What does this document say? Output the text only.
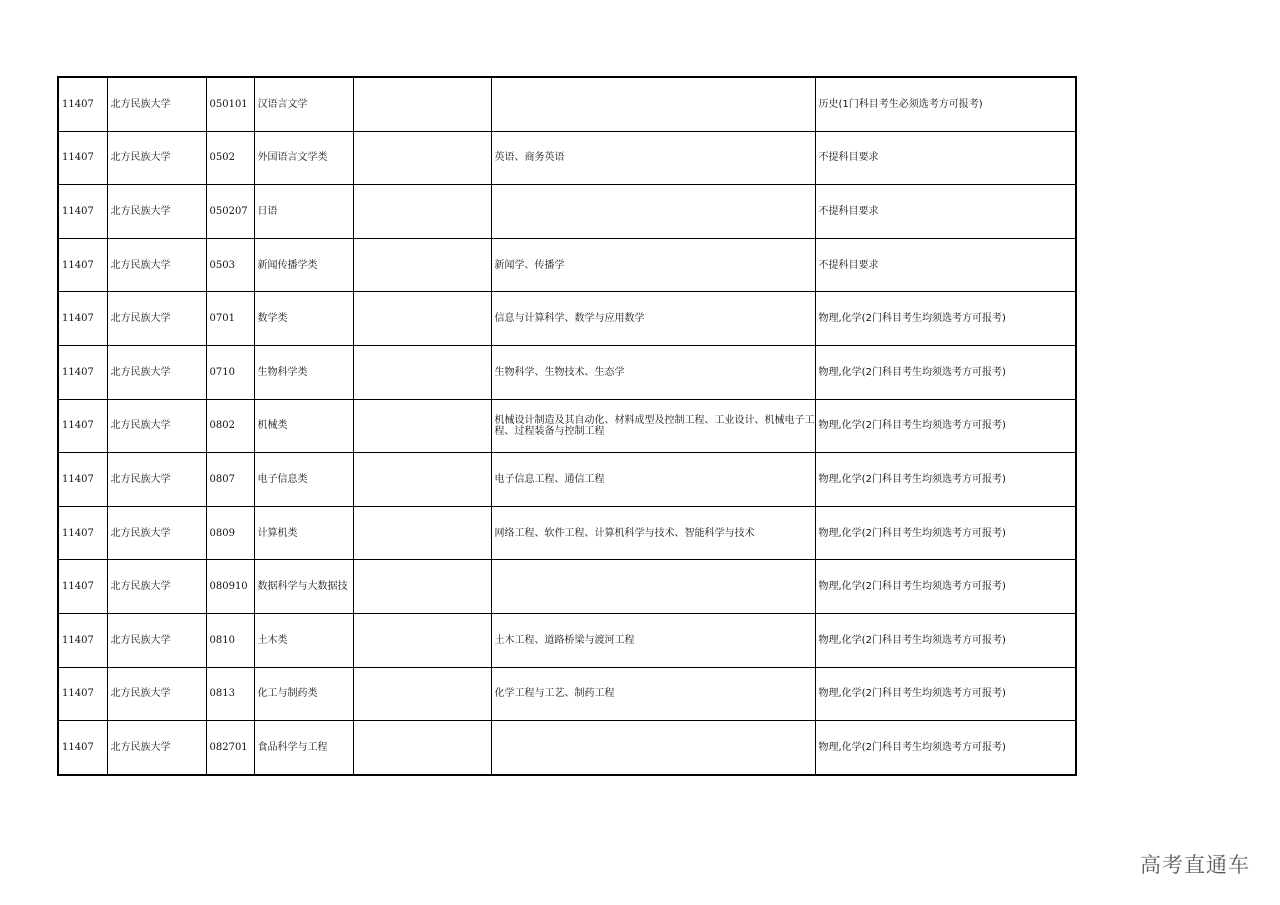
11407	北方民族大学	050101	汉语言文学			历史(1门科目考生必须选考方可报考)
11407	北方民族大学	0502	外国语言文学类		英语、商务英语	不提科目要求
11407	北方民族大学	050207	日语			不提科目要求
11407	北方民族大学	0503	新闻传播学类		新闻学、传播学	不提科目要求
11407	北方民族大学	0701	数学类		信息与计算科学、数学与应用数学	物理,化学(2门科目考生均须选考方可报考)
11407	北方民族大学	0710	生物科学类		生物科学、生物技术、生态学	物理,化学(2门科目考生均须选考方可报考)
11407	北方民族大学	0802	机械类		机械设计制造及其自动化、材料成型及控制工程、工业设计、机械电子工程、过程装备与控制工程	物理,化学(2门科目考生均须选考方可报考)
11407	北方民族大学	0807	电子信息类		电子信息工程、通信工程	物理,化学(2门科目考生均须选考方可报考)
11407	北方民族大学	0809	计算机类		网络工程、软件工程、计算机科学与技术、智能科学与技术	物理,化学(2门科目考生均须选考方可报考)
11407	北方民族大学	080910	数据科学与大数据技			物理,化学(2门科目考生均须选考方可报考)
11407	北方民族大学	0810	土木类		土木工程、道路桥梁与渡河工程	物理,化学(2门科目考生均须选考方可报考)
11407	北方民族大学	0813	化工与制药类		化学工程与工艺、制药工程	物理,化学(2门科目考生均须选考方可报考)
11407	北方民族大学	082701	食品科学与工程			物理,化学(2门科目考生均须选考方可报考)
高考直通车
